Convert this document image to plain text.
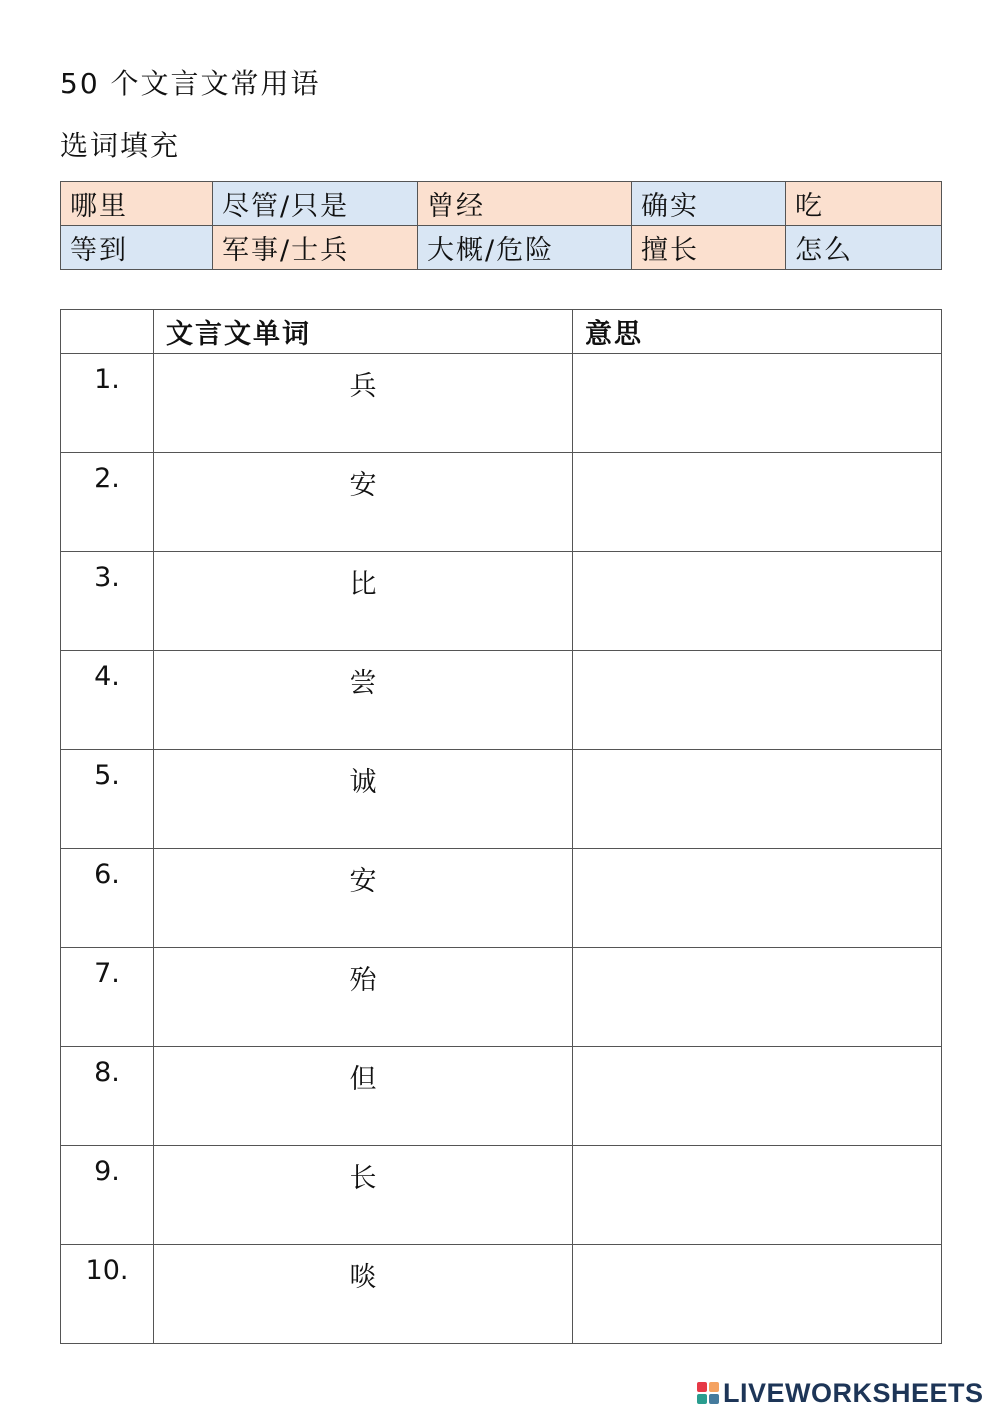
50 个文言文常用语
选词填充
哪里	尽管/只是	曾经	确实	吃
等到	军事/士兵	大概/危险	擅长	怎么
	文言文单词	意思
1.	兵	

2.	安	

3.	比	

4.	尝	

5.	诚	

6.	安	

7.	殆	

8.	但	

9.	长	

10.	啖	
LIVEWORKSHEETS
